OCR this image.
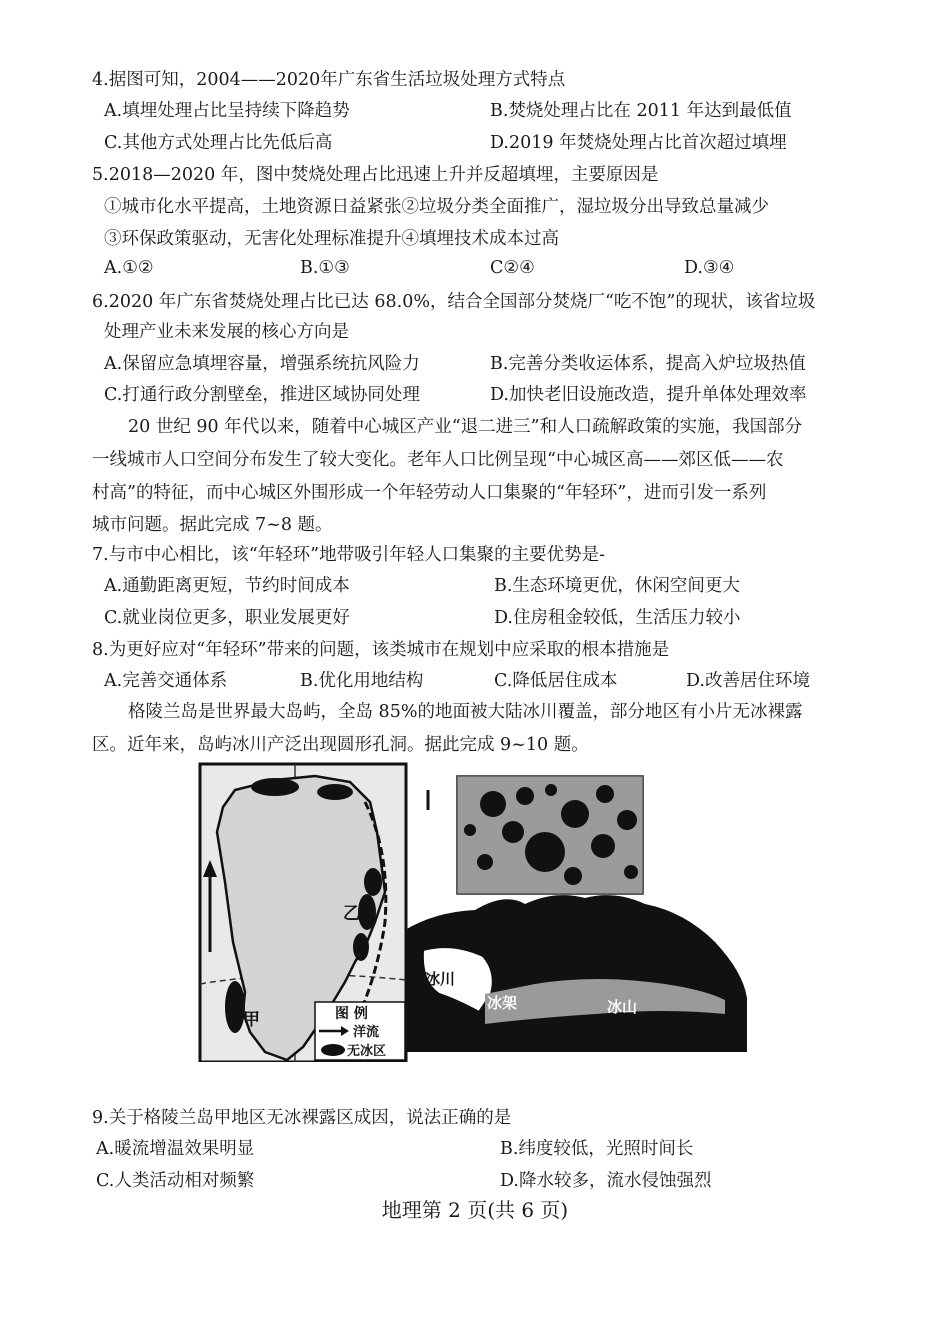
4.据图可知，2004——2020年广东省生活垃圾处理方式特点
A.填埋处理占比呈持续下降趋势	B.焚烧处理占比在 2011 年达到最低值
C.其他方式处理占比先低后高	D.2019 年焚烧处理占比首次超过填埋
5.2018—2020 年，图中焚烧处理占比迅速上升并反超填埋，主要原因是
①城市化水平提高，土地资源日益紧张②垃圾分类全面推广，湿垃圾分出导致总量减少
③环保政策驱动，无害化处理标准提升④填埋技术成本过高
A.①②	B.①③	C②④	D.③④
6.2020 年广东省焚烧处理占比已达 68.0%，结合全国部分焚烧厂“吃不饱”的现状，该省垃圾
处理产业未来发展的核心方向是
A.保留应急填埋容量，增强系统抗风险力	B.完善分类收运体系，提高入炉垃圾热值
C.打通行政分割壁垒，推进区域协同处理	D.加快老旧设施改造，提升单体处理效率
20 世纪 90 年代以来，随着中心城区产业“退二进三”和人口疏解政策的实施，我国部分
一线城市人口空间分布发生了较大变化。老年人口比例呈现“中心城区高——郊区低——农
村高”的特征，而中心城区外围形成一个年轻劳动人口集聚的“年轻环”，进而引发一系列
城市问题。据此完成 7~8 题。
7.与市中心相比，该“年轻环”地带吸引年轻人口集聚的主要优势是-
A.通勤距离更短，节约时间成本	B.生态环境更优，休闲空间更大
C.就业岗位更多，职业发展更好	D.住房租金较低，生活压力较小
8.为更好应对“年轻环”带来的问题，该类城市在规划中应采取的根本措施是
A.完善交通体系	B.优化用地结构	C.降低居住成本	D.改善居住环境
格陵兰岛是世界最大岛屿，全岛 85%的地面被大陆冰川覆盖，部分地区有小片无冰裸露
区。近年来，岛屿冰川产泛出现圆形孔洞。据此完成 9~10 题。
乙
甲	图 例
洋流
无冰区
冰川
冰架	冰山
9.关于格陵兰岛甲地区无冰裸露区成因，说法正确的是
A.暖流增温效果明显	B.纬度较低，光照时间长
C.人类活动相对频繁	D.降水较多，流水侵蚀强烈
地理第 2 页(共 6 页)
